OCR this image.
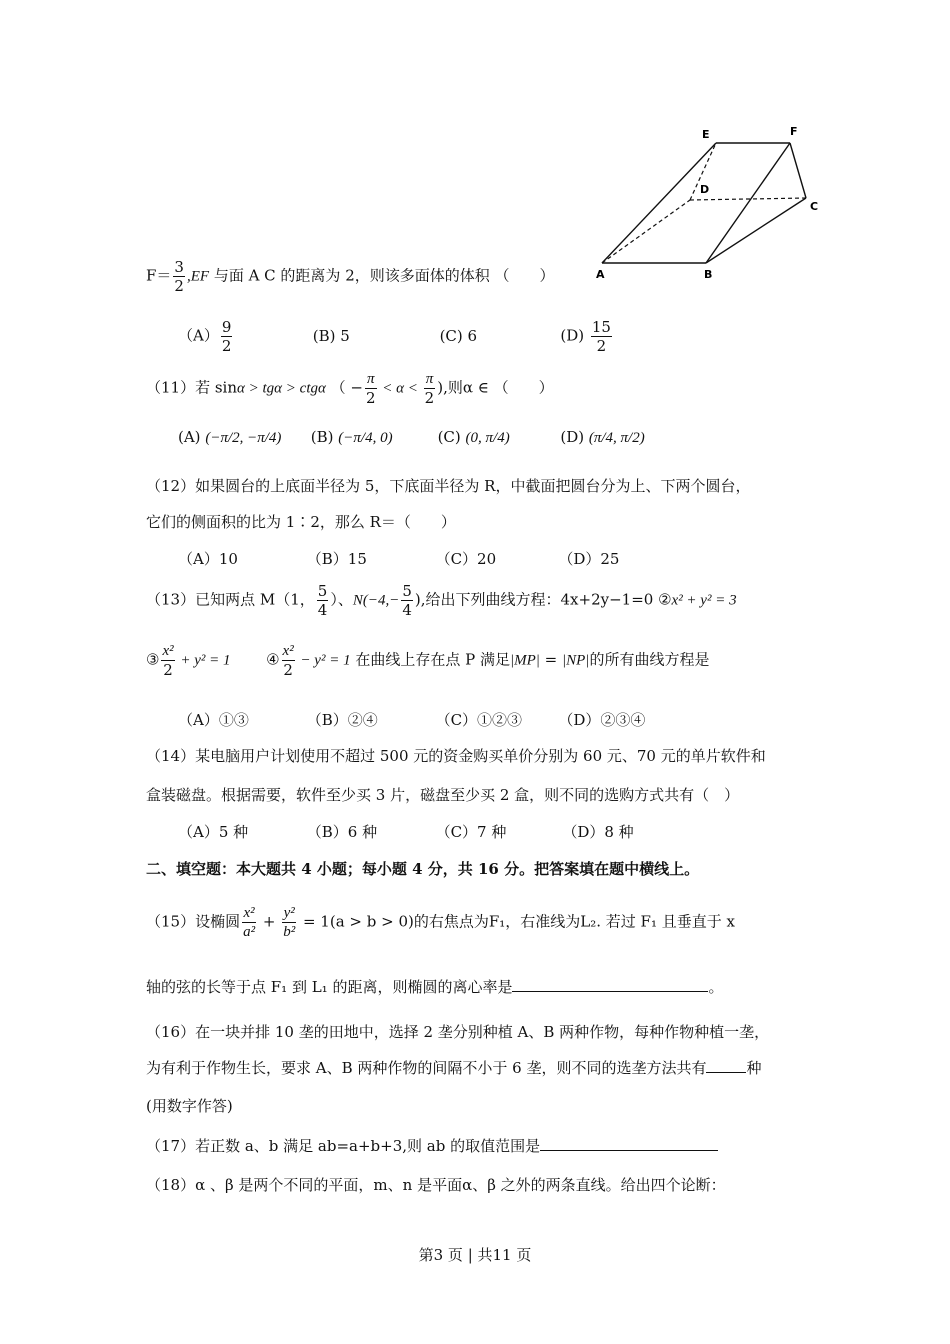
A	B
C
D
E	F
$F= \frac{3}{2} ,EF$ 与面 A C 的距离为 2，则该多面体的体积 （　　）
$(A) \frac{9}{2}$	(B) 5	(C) 6	$(D) \frac{15}{2}$
（11）若 sinα > tgα > ctgα （ − $\frac{\pi}{2} < \alpha < \frac{\pi}{2}$ ),则α ∈ （　　）
(A) (−π/2, −π/4) (B) (−π/4, 0)	(C) (0, π/4)	(D) (π/4, π/2)
（12）如果圆台的上底面半径为 5，下底面半径为 R，中截面把圆台分为上、下两个圆台，
它们的侧面积的比为 1∶2，那么 R＝（　　）
（A）10	（B）15	（C）20	（D）25
（13）已知两点 M（1， $\frac{5}{4}$ ）、$N(-4,- \frac{5}{4}$ ),给出下列曲线方程：4x+2y−1=0 ②x² + y² = 3
③ $\frac{\text{x²}}{2} + y^2 = 1$ ④ $\frac{\text{x²}}{2} - y^2 = 1$ 在曲线上存在点 P 满足|MP| = |NP|的所有曲线方程是
（A）①③	（B）②④	（C）①②③ （D）②③④
（14）某电脑用户计划使用不超过 500 元的资金购买单价分别为 60 元、70 元的单片软件和
盒装磁盘。根据需要，软件至少买 3 片，磁盘至少买 2 盒，则不同的选购方式共有（　）
（A）5 种	（B）6 种	（C）7 种	（D）8 种
二、填空题：本大题共 4 小题；每小题 4 分，共 16 分。把答案填在题中横线上。
（15）设椭圆 $\frac{\text{x²}}{\text{a²}} + \frac{\text{y²}}{\text{b²}} = 1(a > b > 0)$的右焦点为F₁，右准线为L₂. 若过 F₁ 且垂直于 x
轴的弦的长等于点 F₁ 到 L₁ 的距离，则椭圆的离心率是	。
（16）在一块并排 10 垄的田地中，选择 2 垄分别种植 A、B 两种作物，每种作物种植一垄，
为有利于作物生长，要求 A、B 两种作物的间隔不小于 6 垄，则不同的选垄方法共有	种
(用数字作答)
（17）若正数 a、b 满足 ab=a+b+3,则 ab 的取值范围是
（18）α 、β 是两个不同的平面，m、n 是平面α、β 之外的两条直线。给出四个论断：
第3 页 | 共11 页
